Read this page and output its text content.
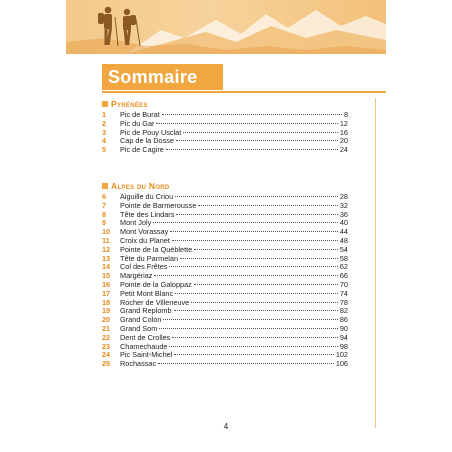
Sommaire
Pyrénées
1	Pic de Burat	8
2	Pic du Gar	12
3	Pic de Pouy Usclat	16
4	Cap de la Dosse	20
5	Pic de Cagire	24
Alpes du Nord
6	Aiguille du Criou	28
7	Pointe de Barmerousse	32
8	Tête des Lindars	36
9	Mont Joly	40
10	Mont Vorassay	44
11	Croix du Planet	48
12	Pointe de la Québlette	54
13	Tête du Parmelan	58
14	Col des Frêtes	62
15	Margériaz	66
16	Pointe de la Galoppaz	70
17	Petit Mont Blanc	74
18	Rocher de Villeneuve	78
19	Grand Replomb	82
20	Grand Colon	86
21	Grand Som	90
22	Dent de Crolles	94
23	Chamechaude	98
24	Pic Saint-Michel	102
25	Rochassac	106
4
